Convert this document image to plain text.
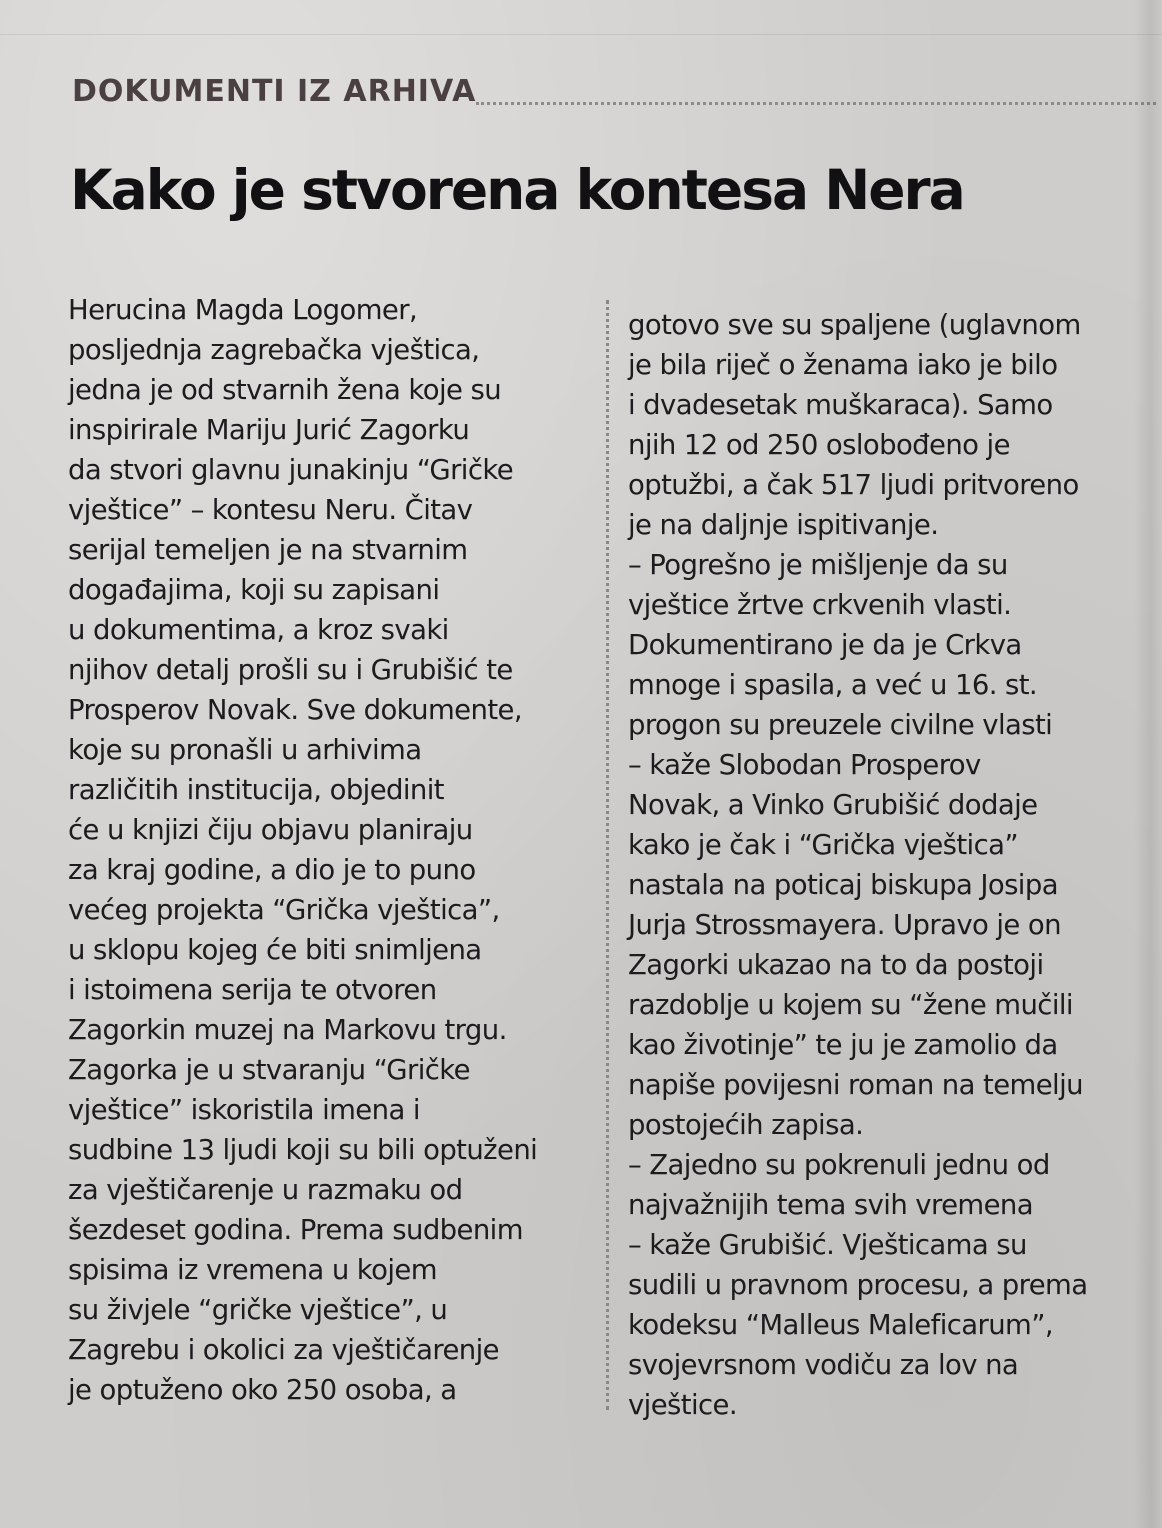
DOKUMENTI IZ ARHIVA
Kako je stvorena kontesa Nera
Herucina Magda Logomer,
posljednja zagrebačka vještica,
jedna je od stvarnih žena koje su
inspirirale Mariju Jurić Zagorku
da stvori glavnu junakinju “Gričke
vještice” – kontesu Neru. Čitav
serijal temeljen je na stvarnim
događajima, koji su zapisani
u dokumentima, a kroz svaki
njihov detalj prošli su i Grubišić te
Prosperov Novak. Sve dokumente,
koje su pronašli u arhivima
različitih institucija, objedinit
će u knjizi čiju objavu planiraju
za kraj godine, a dio je to puno
većeg projekta “Grička vještica”,
u sklopu kojeg će biti snimljena
i istoimena serija te otvoren
Zagorkin muzej na Markovu trgu.
Zagorka je u stvaranju “Gričke
vještice” iskoristila imena i
sudbine 13 ljudi koji su bili optuženi
za vještičarenje u razmaku od
šezdeset godina. Prema sudbenim
spisima iz vremena u kojem
su živjele “gričke vještice”, u
Zagrebu i okolici za vještičarenje
je optuženo oko 250 osoba, a
gotovo sve su spaljene (uglavnom
je bila riječ o ženama iako je bilo
i dvadesetak muškaraca). Samo
njih 12 od 250 oslobođeno je
optužbi, a čak 517 ljudi pritvoreno
je na daljnje ispitivanje.
– Pogrešno je mišljenje da su
vještice žrtve crkvenih vlasti.
Dokumentirano je da je Crkva
mnoge i spasila, a već u 16. st.
progon su preuzele civilne vlasti
– kaže Slobodan Prosperov
Novak, a Vinko Grubišić dodaje
kako je čak i “Grička vještica”
nastala na poticaj biskupa Josipa
Jurja Strossmayera. Upravo je on
Zagorki ukazao na to da postoji
razdoblje u kojem su “žene mučili
kao životinje” te ju je zamolio da
napiše povijesni roman na temelju
postojećih zapisa.
– Zajedno su pokrenuli jednu od
najvažnijih tema svih vremena
– kaže Grubišić. Vješticama su
sudili u pravnom procesu, a prema
kodeksu “Malleus Maleficarum”,
svojevrsnom vodiču za lov na
vještice.
